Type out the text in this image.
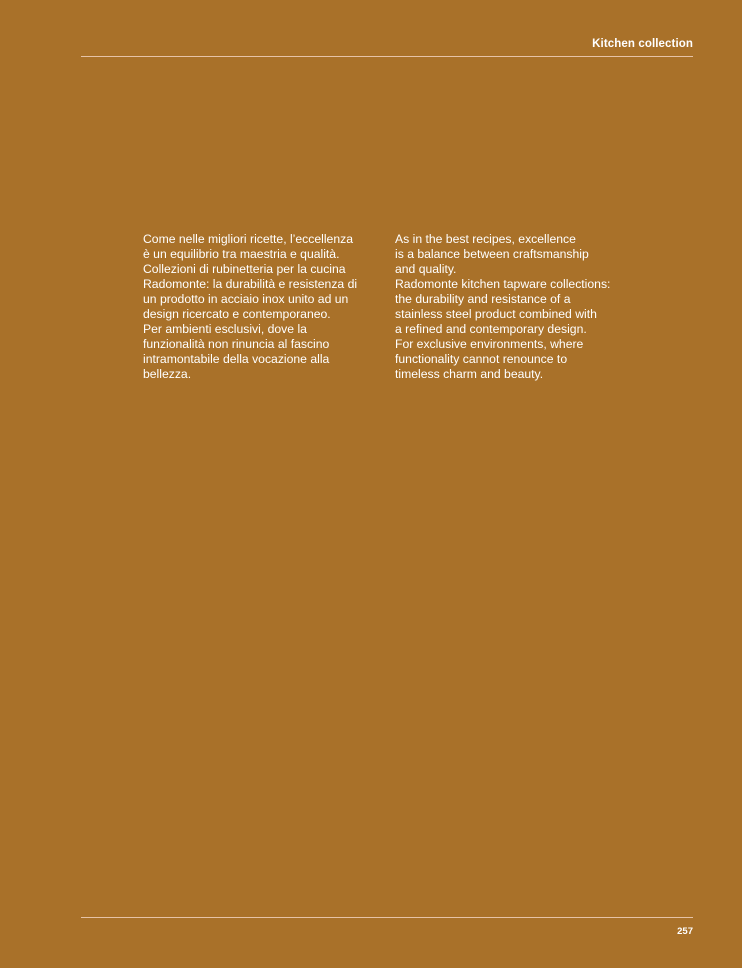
Kitchen collection
Come nelle migliori ricette, l’eccellenza
è un equilibrio tra maestria e qualità.
Collezioni di rubinetteria per la cucina
Radomonte: la durabilità e resistenza di
un prodotto in acciaio inox unito ad un
design ricercato e contemporaneo.
Per ambienti esclusivi, dove la
funzionalità non rinuncia al fascino
intramontabile della vocazione alla
bellezza.
As in the best recipes, excellence
is a balance between craftsmanship
and quality.
Radomonte kitchen tapware collections:
the durability and resistance of a
stainless steel product combined with
a refined and contemporary design.
For exclusive environments, where
functionality cannot renounce to
timeless charm and beauty.
257
